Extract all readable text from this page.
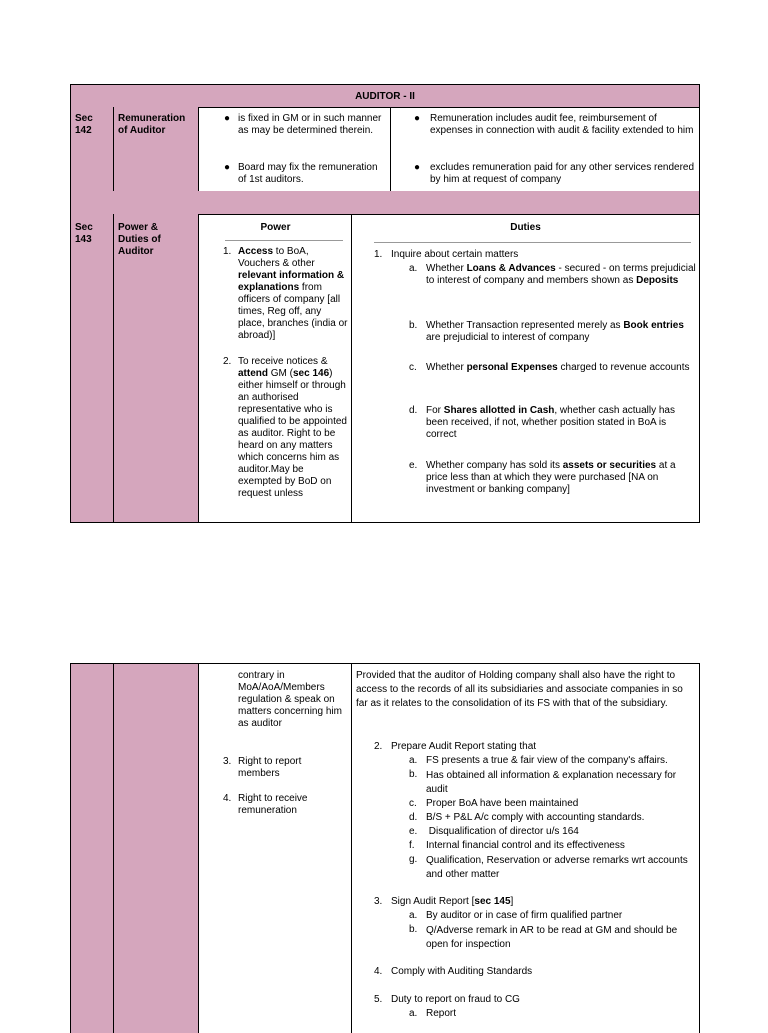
AUDITOR - II
Sec 142
Remuneration of Auditor
● is fixed in GM or in such manner as may be determined therein.
● Board may fix the remuneration of 1st auditors.
● Remuneration includes audit fee, reimbursement of expenses in connection with audit & facility extended to him
● excludes remuneration paid for any other services rendered by him at request of company
Sec 143
Power & Duties of Auditor
Power
1. Access to BoA, Vouchers & other relevant information & explanations from officers of company [all times, Reg off, any place, branches (india or abroad)]
2. To receive notices & attend GM (sec 146) either himself or through an authorised representative who is qualified to be appointed as auditor. Right to be heard on any matters which concerns him as auditor.May be exempted by BoD on request unless
Duties
1. Inquire about certain matters
a. Whether Loans & Advances - secured - on terms prejudicial to interest of company and members shown as Deposits
b. Whether Transaction represented merely as Book entries are prejudicial to interest of company
c. Whether personal Expenses charged to revenue accounts
d. For Shares allotted in Cash, whether cash actually has been received, if not, whether position stated in BoA is correct
e. Whether company has sold its assets or securities at a price less than at which they were purchased [NA on investment or banking company]
contrary in MoA/AoA/Members regulation & speak on matters concerning him as auditor
3. Right to report members
4. Right to receive remuneration
Provided that the auditor of Holding company shall also have the right to access to the records of all its subsidiaries and associate companies in so far as it relates to the consolidation of its FS with that of the subsidiary.
2. Prepare Audit Report stating that
a. FS presents a true & fair view of the company's affairs.
b. Has obtained all information & explanation necessary for audit
c. Proper BoA have been maintained
d. B/S + P&L A/c comply with accounting standards.
e. Disqualification of director u/s 164
f. Internal financial control and its effectiveness
g. Qualification, Reservation or adverse remarks wrt accounts and other matter
3. Sign Audit Report [sec 145]
a. By auditor or in case of firm qualified partner
b. Q/Adverse remark in AR to be read at GM and should be open for inspection
4. Comply with Auditing Standards
5. Duty to report on fraud to CG
a. Report
